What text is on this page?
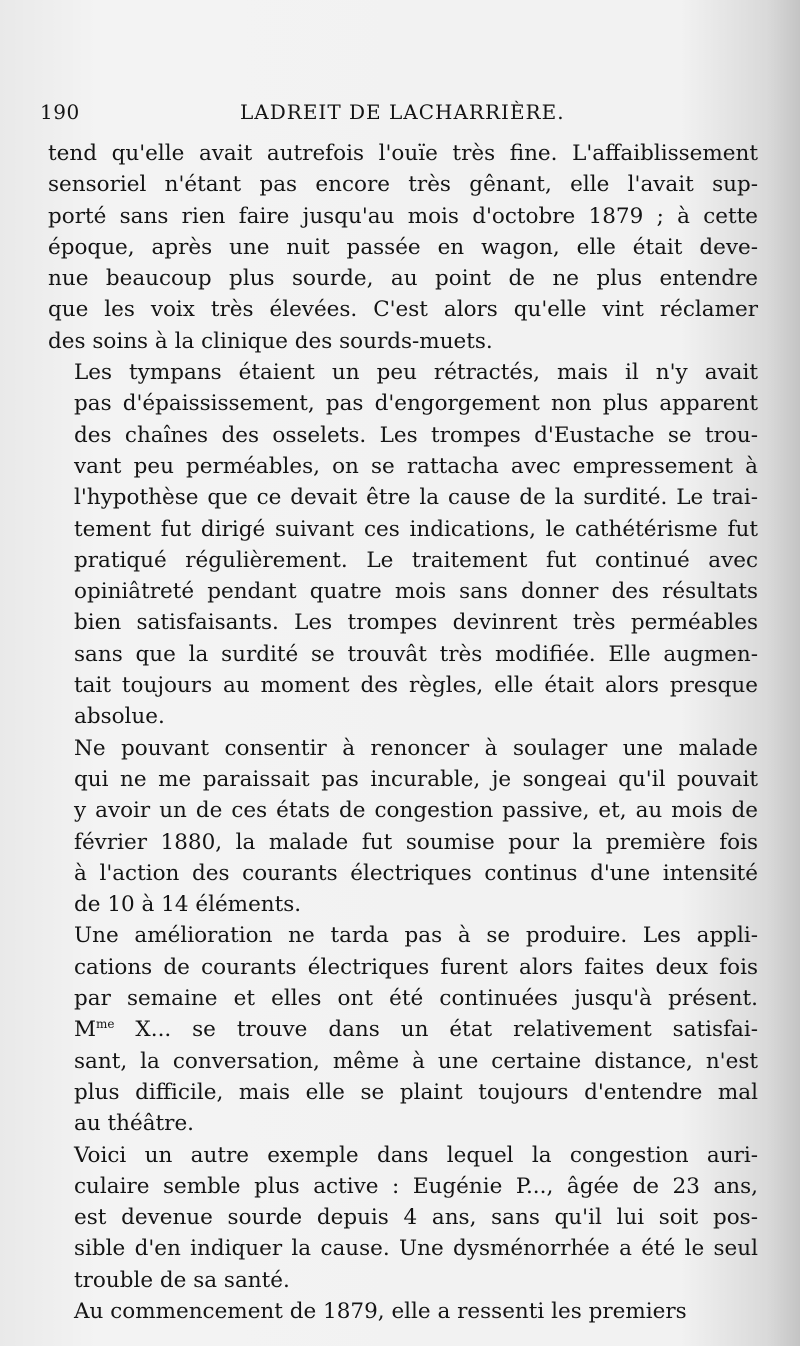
190	LADREIT DE LACHARRIÈRE.

tend qu'elle avait autrefois l'ouïe très fine. L'affaiblissement
sensoriel n'étant pas encore très gênant, elle l'avait sup-
porté sans rien faire jusqu'au mois d'octobre 1879 ; à cette
époque, après une nuit passée en wagon, elle était deve-
nue beaucoup plus sourde, au point de ne plus entendre
que les voix très élevées. C'est alors qu'elle vint réclamer
des soins à la clinique des sourds-muets.

Les tympans étaient un peu rétractés, mais il n'y avait
pas d'épaississement, pas d'engorgement non plus apparent
des chaînes des osselets. Les trompes d'Eustache se trou-
vant peu perméables, on se rattacha avec empressement à
l'hypothèse que ce devait être la cause de la surdité. Le trai-
tement fut dirigé suivant ces indications, le cathétérisme fut
pratiqué régulièrement. Le traitement fut continué avec
opiniâtreté pendant quatre mois sans donner des résultats
bien satisfaisants. Les trompes devinrent très perméables
sans que la surdité se trouvât très modifiée. Elle augmen-
tait toujours au moment des règles, elle était alors presque
absolue.

Ne pouvant consentir à renoncer à soulager une malade
qui ne me paraissait pas incurable, je songeai qu'il pouvait
y avoir un de ces états de congestion passive, et, au mois de
février 1880, la malade fut soumise pour la première fois
à l'action des courants électriques continus d'une intensité
de 10 à 14 éléments.

Une amélioration ne tarda pas à se produire. Les appli-
cations de courants électriques furent alors faites deux fois
par semaine et elles ont été continuées jusqu'à présent.
$M^{me}$ X... se trouve dans un état relativement satisfai-
sant, la conversation, même à une certaine distance, n'est
plus difficile, mais elle se plaint toujours d'entendre mal
au théâtre.

Voici un autre exemple dans lequel la congestion auri-
culaire semble plus active : Eugénie P..., âgée de 23 ans,
est devenue sourde depuis 4 ans, sans qu'il lui soit pos-
sible d'en indiquer la cause. Une dysménorrhée a été le seul
trouble de sa santé.

Au commencement de 1879, elle a ressenti les premiers
